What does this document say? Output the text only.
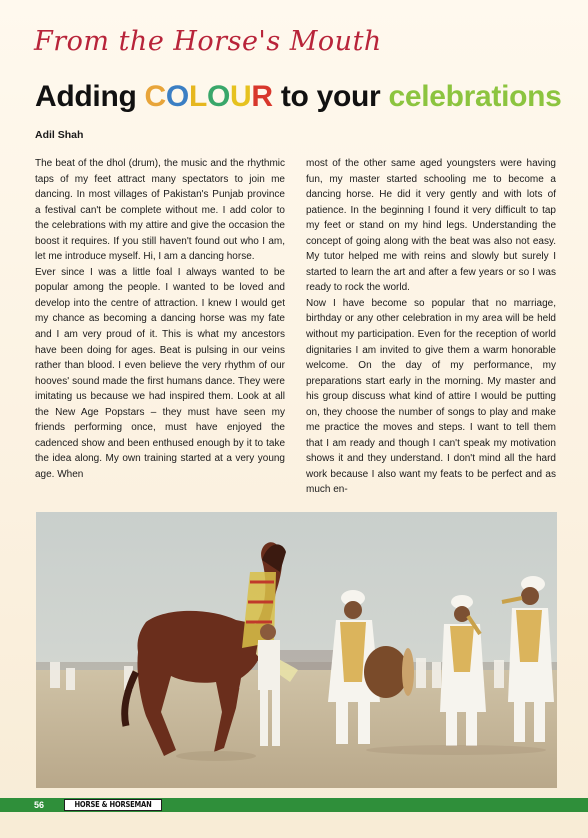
From the Horse's Mouth
Adding COLOUR to your celebrations
Adil Shah

The beat of the dhol (drum), the music and the rhythmic taps of my feet attract many spectators to join me dancing. In most villages of Pakistan's Punjab province a festival can't be complete without me. I add color to the celebrations with my attire and give the occasion the boost it requires. If you still haven't found out who I am, let me introduce myself. Hi, I am a dancing horse.

Ever since I was a little foal I always wanted to be popular among the people. I wanted to be loved and develop into the centre of attraction. I knew I would get my chance as becoming a dancing horse was my fate and I am very proud of it. This is what my ancestors have been doing for ages. Beat is pulsing in our veins rather than blood. I even believe the very rhythm of our hooves' sound made the first humans dance. They were imitating us because we had inspired them. Look at all the New Age Popstars – they must have seen my friends performing once, must have enjoyed the cadenced show and been enthused enough by it to take the idea along. My own training started at a very young age. When

most of the other same aged youngsters were having fun, my master started schooling me to become a dancing horse. He did it very gently and with lots of patience. In the beginning I found it very difficult to tap my feet or stand on my hind legs. Understanding the concept of going along with the beat was also not easy. My tutor helped me with reins and slowly but surely I started to learn the art and after a few years or so I was ready to rock the world.

Now I have become so popular that no marriage, birthday or any other celebration in my area will be held without my participation. Even for the reception of world dignitaries I am invited to give them a warm honorable welcome. On the day of my performance, my preparations start early in the morning. My master and his group discuss what kind of attire I would be putting on, they choose the number of songs to play and make me practice the moves and steps. I want to tell them that I am ready and though I can't speak my motivation shows it and they understand. I don't mind all the hard work because I also want my feats to be perfect and as much en-

56	HORSE & HORSEMAN
